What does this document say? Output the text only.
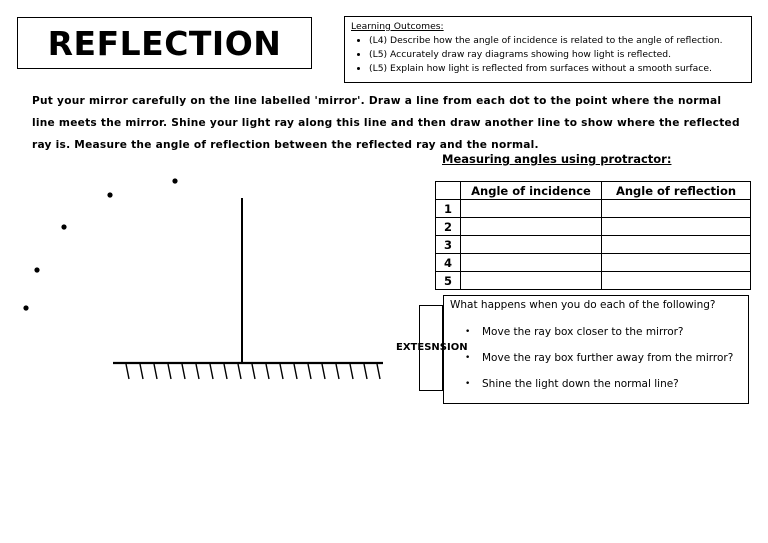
REFLECTION	Learning Outcomes:
• (L4) Describe how the angle of incidence is related to the angle of reflection.
• (L5) Accurately draw ray diagrams showing how light is reflected.
• (L5) Explain how light is reflected from surfaces without a smooth surface.
Put your mirror carefully on the line labelled 'mirror'. Draw a line from each dot to the point where the normal line meets the mirror. Shine your light ray along this line and then draw another line to show where the reflected ray is. Measure the angle of reflection between the reflected ray and the normal.
Measuring angles using protractor:
	Angle of incidence	Angle of reflection
1		
2		
3		
4		
5		
EXTESNSION
What happens when you do each of the following?
• Move the ray box closer to the mirror?
• Move the ray box further away from the mirror?
• Shine the light down the normal line?
